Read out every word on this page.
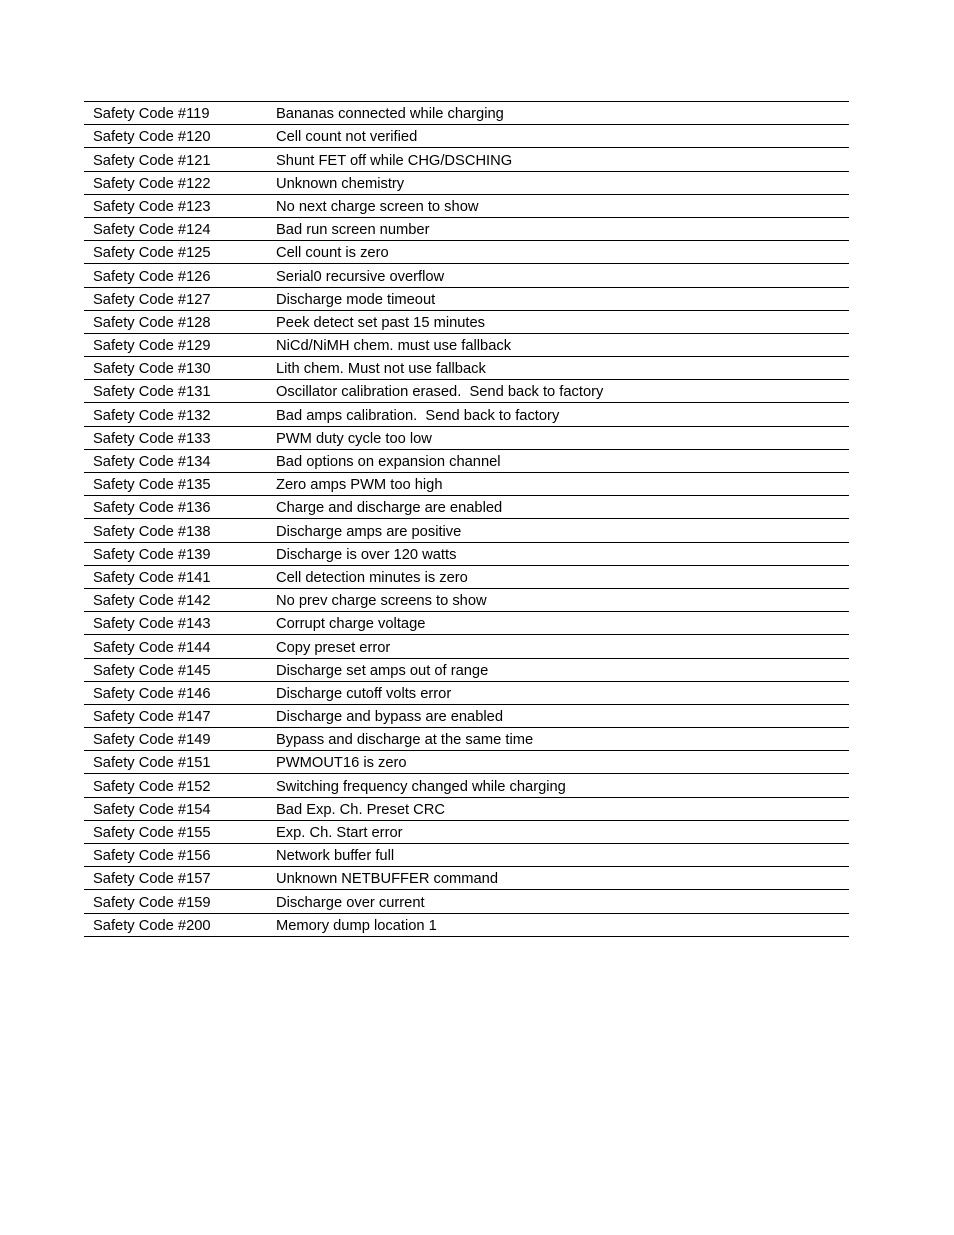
Safety Code #119	Bananas connected while charging
Safety Code #120	Cell count not verified
Safety Code #121	Shunt FET off while CHG/DSCHING
Safety Code #122	Unknown chemistry
Safety Code #123	No next charge screen to show
Safety Code #124	Bad run screen number
Safety Code #125	Cell count is zero
Safety Code #126	Serial0 recursive overflow
Safety Code #127	Discharge mode timeout
Safety Code #128	Peek detect set past 15 minutes
Safety Code #129	NiCd/NiMH chem. must use fallback
Safety Code #130	Lith chem. Must not use fallback
Safety Code #131	Oscillator calibration erased.  Send back to factory
Safety Code #132	Bad amps calibration.  Send back to factory
Safety Code #133	PWM duty cycle too low
Safety Code #134	Bad options on expansion channel
Safety Code #135	Zero amps PWM too high
Safety Code #136	Charge and discharge are enabled
Safety Code #138	Discharge amps are positive
Safety Code #139	Discharge is over 120 watts
Safety Code #141	Cell detection minutes is zero
Safety Code #142	No prev charge screens to show
Safety Code #143	Corrupt charge voltage
Safety Code #144	Copy preset error
Safety Code #145	Discharge set amps out of range
Safety Code #146	Discharge cutoff volts error
Safety Code #147	Discharge and bypass are enabled
Safety Code #149	Bypass and discharge at the same time
Safety Code #151	PWMOUT16 is zero
Safety Code #152	Switching frequency changed while charging
Safety Code #154	Bad Exp. Ch. Preset CRC
Safety Code #155	Exp. Ch. Start error
Safety Code #156	Network buffer full
Safety Code #157	Unknown NETBUFFER command
Safety Code #159	Discharge over current
Safety Code #200	Memory dump location 1
